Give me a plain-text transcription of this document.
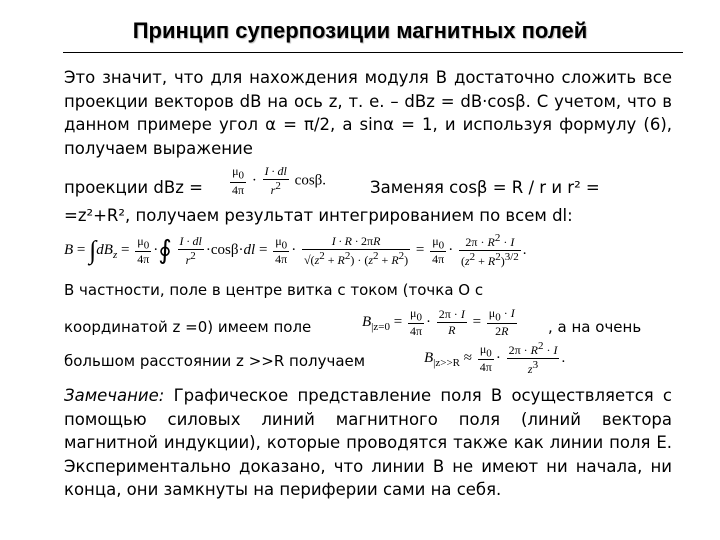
Принцип суперпозиции магнитных полей
Это значит, что для нахождения модуля B достаточно сложить все проекции векторов dB на ось z, т. е. – dBz = dB·cosβ. С учетом, что в данном примере угол α = π/2, а sinα = 1, и используя формулу (6), получаем выражение
проекции dBz = $\frac{\mu_0}{4\pi} \cdot \frac{I \cdot dl}{r^2} \cos\beta$.	Заменяя cosβ = R / r и r² =
=z²+R², получаем результат интегрированием по всем dl:
$B = \int dB_z = \frac{\mu_0}{4\pi}$ ·∮ $\frac{I \cdot dl}{r^2} \cdot\cos\beta\cdot dl = \frac{\mu_0}{4\pi} \cdot \frac{I \cdot R \cdot 2\pi R}{√(z^2 + R^2) \cdot (z^2 + R^2)} = \frac{\mu_0}{4\pi} \cdot \frac{2\pi \cdot R^2 \cdot I}{(z^2 + R^2)^{3/2}}$ .
В частности, поле в центре витка с током (точка O с
координатой z =0) имеем поле	$B_{|z=0} = \frac{\mu_0}{4\pi} \cdot \frac{2\pi \cdot I}{R} = \frac{\mu_0 \cdot I}{2R}$ , а на очень
большом расстоянии z >>R получаем	$B_{|z>>R} \approx \frac{\mu_0}{4\pi} \cdot \frac{2\pi \cdot R^2 \cdot I}{z^3}$ .
Замечание: Графическое представление поля B осуществляется с помощью силовых линий магнитного поля (линий вектора магнитной индукции), которые проводятся также как линии поля E. Экспериментально доказано, что линии B не имеют ни начала, ни конца, они замкнуты на периферии сами на себя.
